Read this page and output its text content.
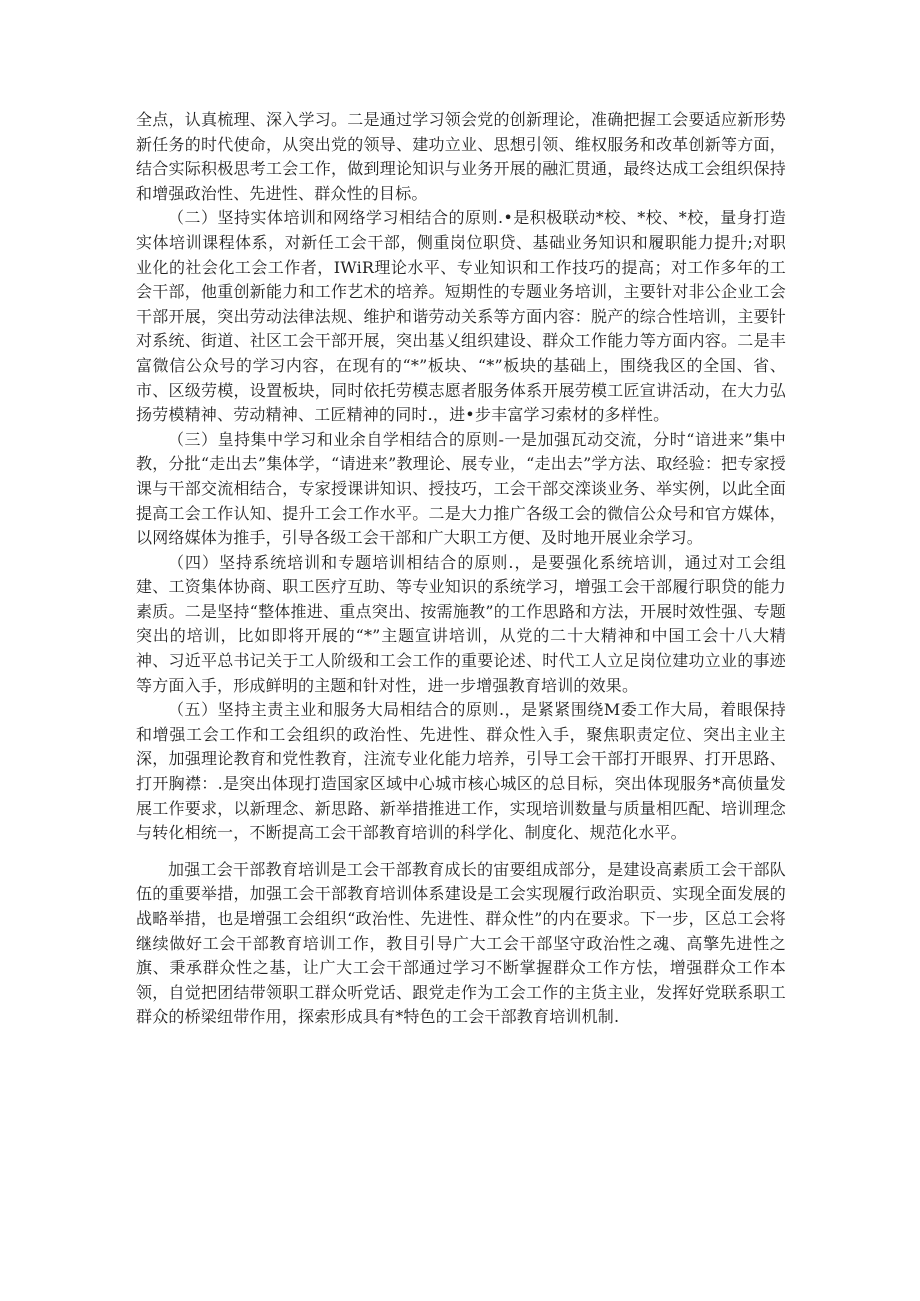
全点，认真梳理、深入学习。二是通过学习领会党的创新理论，准确把握工会要适应新形势新任务的时代使命，从突出党的领导、建功立业、思想引领、维权服务和改革创新等方面，结合实际积极思考工会工作，做到理论知识与业务开展的融汇贯通，最终达成工会组织保持和增强政治性、先进性、群众性的目标。

（二）坚持实体培训和网络学习相结合的原则.•是积极联动*校、*校、*校，量身打造实体培训课程体系，对新任工会干部，侧重岗位职贷、基础业务知识和履职能力提升;对职业化的社会化工会工作者，IWiR理论水平、专业知识和工作技巧的提高；对工作多年的工会干部，他重创新能力和工作艺术的培养。短期性的专题业务培训，主要针对非公企业工会干部开展，突出劳动法律法规、维护和谐劳动关系等方面内容：脱产的综合性培训，主要针对系统、街道、社区工会干部开展，突出基乂组织建设、群众工作能力等方面内容。二是丰富微信公众号的学习内容，在现有的“*”板块、“*”板块的基础上，围绕我区的全国、省、市、区级劳模，设置板块，同时依托劳模志愿者服务体系开展劳模工匠宣讲活动，在大力弘扬劳模精神、劳动精神、工匠精神的同时.，进•步丰富学习索材的多样性。

（三）皇持集中学习和业余自学相结合的原则-一是加强瓦动交流，分时“谙进来”集中教，分批“走出去”集体学，“请进来”教理论、展专业，“走出去”学方法、取经验：把专家授课与干部交流相结合，专家授课讲知识、授技巧，工会干部交滦谈业务、举实例，以此全面提高工会工作认知、提升工会工作水平。二是大力推广各级工会的微信公众号和官方媒体，以网络媒体为推手，引导各级工会干部和广大职工方便、及时地开展业余学习。

（四）坚持系统培训和专题培训相结合的原则.，是要强化系统培训，通过对工会组建、工资集体协商、职工医疗互助、等专业知识的系统学习，增强工会干部履行职贷的能力素质。二是坚持“整体推进、重点突出、按需施教”的工作思路和方法，开展时效性强、专题突出的培训，比如即将开展的“*”主题宣讲培训，从党的二十大精神和中国工会十八大精神、习近平总书记关于工人阶级和工会工作的重要论述、时代工人立足岗位建功立业的事迹等方面入手，形成鲜明的主题和针对性，进一步增强教育培训的效果。

（五）坚持主责主业和服务大局相结合的原则.，是紧紧围绕M委工作大局，着眼保持和增强工会工作和工会组织的政治性、先进性、群众性入手，聚焦职责定位、突出主业主深，加强理论教育和党性教育，注流专业化能力培养，引导工会干部打开眼界、打开思路、打开胸襟：.是突出体现打造国家区域中心城市核心城区的总目标，突出体现服务*高侦量发展工作要求，以新理念、新思路、新举措推进工作，实现培训数量与质量相匹配、培训理念与转化相统一，不断提高工会干部教育培训的科学化、制度化、规范化水平。

加强工会干部教育培训是工会干部教育成长的宙要组成部分，是建设高素质工会干部队伍的重要举措，加强工会干部教育培训体系建设是工会实现履行政治职贡、实现全面发展的战略举措，也是增强工会组织“政治性、先进性、群众性”的内在要求。下一步，区总工会将继续做好工会干部教育培训工作，教目引导广大工会干部坚守政治性之魂、高擎先进性之旗、秉承群众性之基，让广大工会干部通过学习不断掌握群众工作方怯，增强群众工作本领，自觉把团结带领职工群众听党话、跟党走作为工会工作的主货主业，发挥好党联系职工群众的桥梁纽带作用，探索形成具有*特色的工会干部教育培训机制.
